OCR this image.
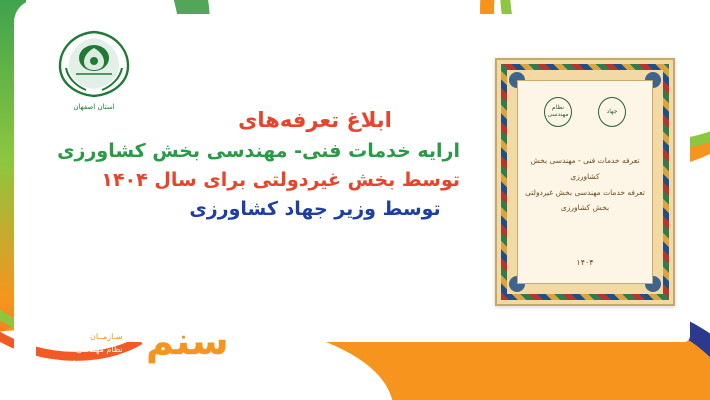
استان اصفهان
ابلاغ تعرفه‌های
ارایه خدمات فنی- مهندسی بخش کشاورزی
توسط بخش غیردولتی برای سال ۱۴۰۴
توسط وزیر جهاد کشاورزی
جهاد
نظام مهندسی
تعرفه خدمات فنی - مهندسی بخش کشاورزی
تعرفه خدمات مهندسی بخش غیردولتی بخش کشاورزی
۱۴۰۴
سنم
SANAM (Esfahan)
سـازمــان
نظام مهندسی
کشاورزی و منابع طبیعی استان اصفهان
